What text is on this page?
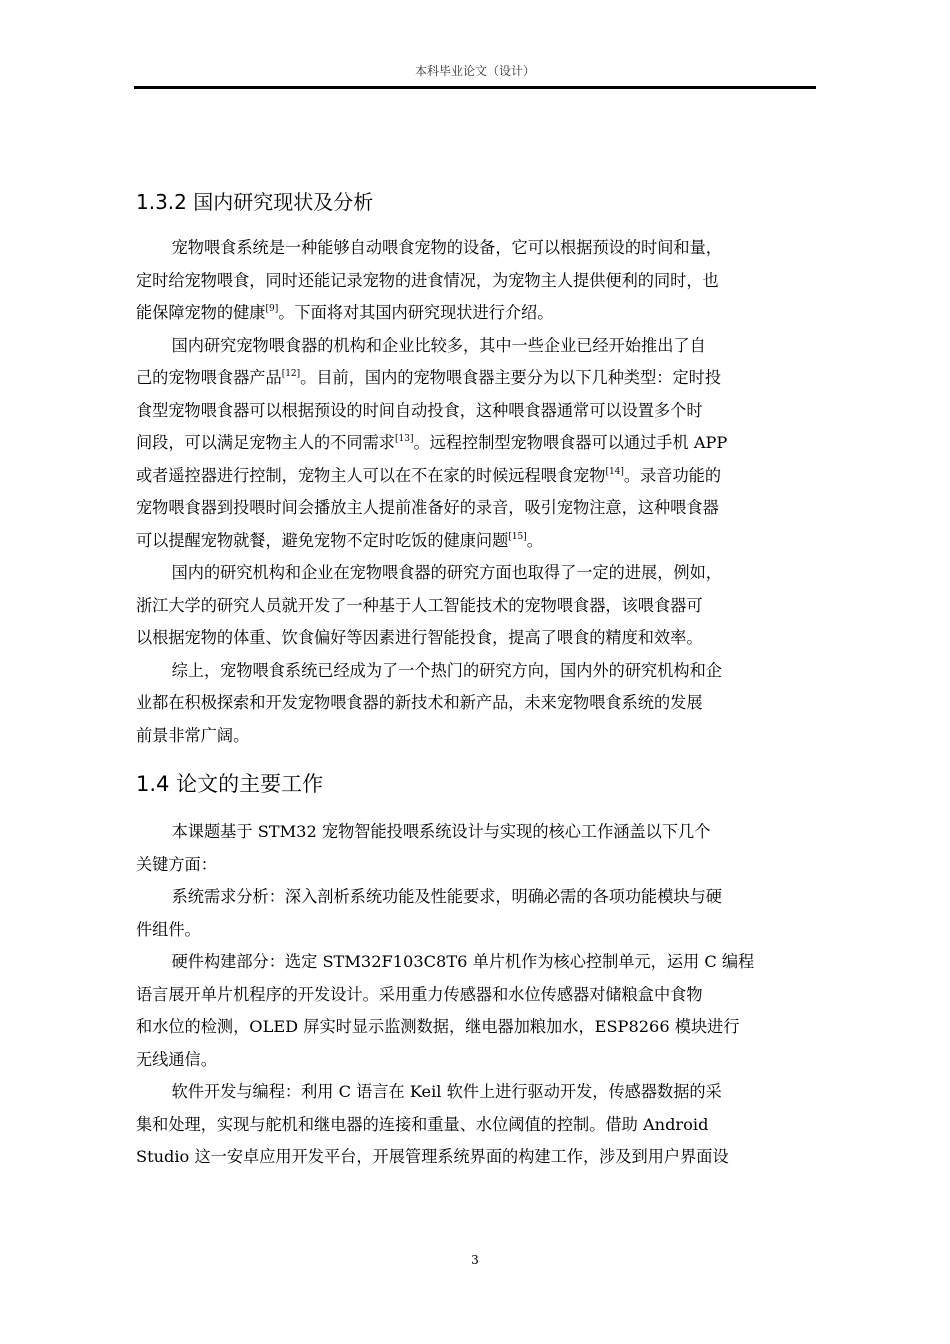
本科毕业论文（设计）
1.3.2 国内研究现状及分析

宠物喂食系统是一种能够自动喂食宠物的设备，它可以根据预设的时间和量，
定时给宠物喂食，同时还能记录宠物的进食情况，为宠物主人提供便利的同时，也
能保障宠物的健康[9]。下面将对其国内研究现状进行介绍。

国内研究宠物喂食器的机构和企业比较多，其中一些企业已经开始推出了自
己的宠物喂食器产品[12]。目前，国内的宠物喂食器主要分为以下几种类型：定时投
食型宠物喂食器可以根据预设的时间自动投食，这种喂食器通常可以设置多个时
间段，可以满足宠物主人的不同需求[13]。远程控制型宠物喂食器可以通过手机 APP
或者遥控器进行控制，宠物主人可以在不在家的时候远程喂食宠物[14]。录音功能的
宠物喂食器到投喂时间会播放主人提前准备好的录音，吸引宠物注意，这种喂食器
可以提醒宠物就餐，避免宠物不定时吃饭的健康问题[15]。

国内的研究机构和企业在宠物喂食器的研究方面也取得了一定的进展，例如，
浙江大学的研究人员就开发了一种基于人工智能技术的宠物喂食器，该喂食器可
以根据宠物的体重、饮食偏好等因素进行智能投食，提高了喂食的精度和效率。

综上，宠物喂食系统已经成为了一个热门的研究方向，国内外的研究机构和企
业都在积极探索和开发宠物喂食器的新技术和新产品，未来宠物喂食系统的发展
前景非常广阔。

1.4 论文的主要工作

本课题基于 STM32 宠物智能投喂系统设计与实现的核心工作涵盖以下几个
关键方面：

系统需求分析：深入剖析系统功能及性能要求，明确必需的各项功能模块与硬
件组件。

硬件构建部分：选定 STM32F103C8T6 单片机作为核心控制单元，运用 C 编程
语言展开单片机程序的开发设计。采用重力传感器和水位传感器对储粮盒中食物
和水位的检测，OLED 屏实时显示监测数据，继电器加粮加水，ESP8266 模块进行
无线通信。

软件开发与编程：利用 C 语言在 Keil 软件上进行驱动开发，传感器数据的采
集和处理，实现与舵机和继电器的连接和重量、水位阈值的控制。借助 Android
Studio 这一安卓应用开发平台，开展管理系统界面的构建工作，涉及到用户界面设

3
